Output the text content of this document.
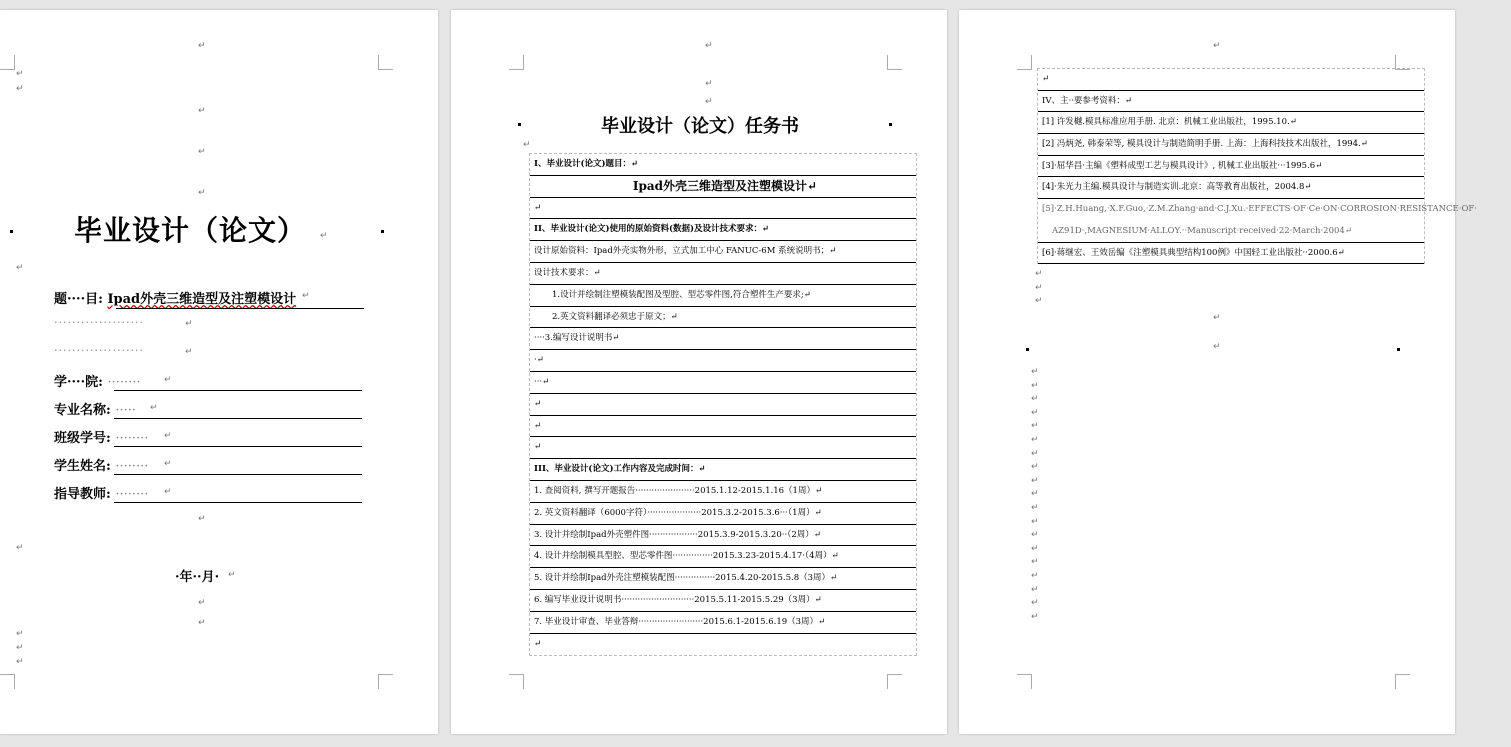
↵
↵
↵
↵
↵
↵
毕业设计（论文） ↵
↵
题····目: Ipad外壳三维造型及注塑模设计 ↵
····················	↵
····················	↵
学····院: ········	↵
专业名称: ····· ↵
班级学号: ········ ↵
学生姓名: ········ ↵
指导教师: ········ ↵
↵
↵
·年··月· ↵
↵
↵
↵
↵
↵
↵
↵
↵
毕业设计（论文）任务书
↵
I、毕业设计(论文)题目：↵
Ipad外壳三维造型及注塑模设计↵
↵
II、毕业设计(论文)使用的原始资料(数据)及设计技术要求：↵
设计原始资料：Ipad外壳实物外形，立式加工中心 FANUC-6M 系统说明书；↵
设计技术要求：↵
1.设计并绘制注塑模装配图及型腔、型芯零件图,符合塑件生产要求;↵
2.英文资料翻译必须忠于原文；↵
····3.编写设计说明书↵
·↵
···↵
↵
↵
↵
III、毕业设计(论文)工作内容及完成时间：↵
1. 查阅资料, 撰写开题报告······················2015.1.12-2015.1.16（1周）↵
2. 英文资料翻译（6000字符）····················2015.3.2-2015.3.6···（1周）↵
3. 设计并绘制Ipad外壳塑件图··················2015.3.9-2015.3.20··（2周）↵
4. 设计并绘制模具型腔、型芯零件图···············2015.3.23-2015.4.17·（4周）↵
5. 设计并绘制Ipad外壳注塑模装配图···············2015.4.20-2015.5.8（3周）↵
6. 编写毕业设计说明书···························2015.5.11-2015.5.29（3周）↵
7. 毕业设计审查、毕业答辩························2015.6.1-2015.6.19（3周）↵
↵
↵
↵
IV、主··要参考资料：↵
[1] 许发樾.模具标准应用手册. 北京：机械工业出版社，1995.10.↵
[2] 冯炳尧, 韩泰荣等, 模具设计与制造简明手册. 上海：上海科技技术出版社，1994.↵
[3]·屈华昌·主编《塑料成型工艺与模具设计》, 机械工业出版社···1995.6↵
[4]·朱光力主编.模具设计与制造实训.北京：高等教育出版社，2004.8↵
[5]·Z.H.Huang,·X.F.Guo,·Z.M.Zhang·and·C.J.Xu.·EFFECTS·OF·Ce·ON·CORROSION·RESISTANCE·OF·
AZ91D·,MAGNESIUM·ALLOY.··Manuscript·received·22·March·2004↵
[6]·蒋继宏、王效岳编《注塑模具典型结构100例》中国轻工业出版社··2000.6↵
↵
↵
↵
↵
↵
↵
↵
↵
↵
↵
↵
↵
↵
↵
↵
↵
↵
↵
↵
↵
↵
↵
↵
↵
